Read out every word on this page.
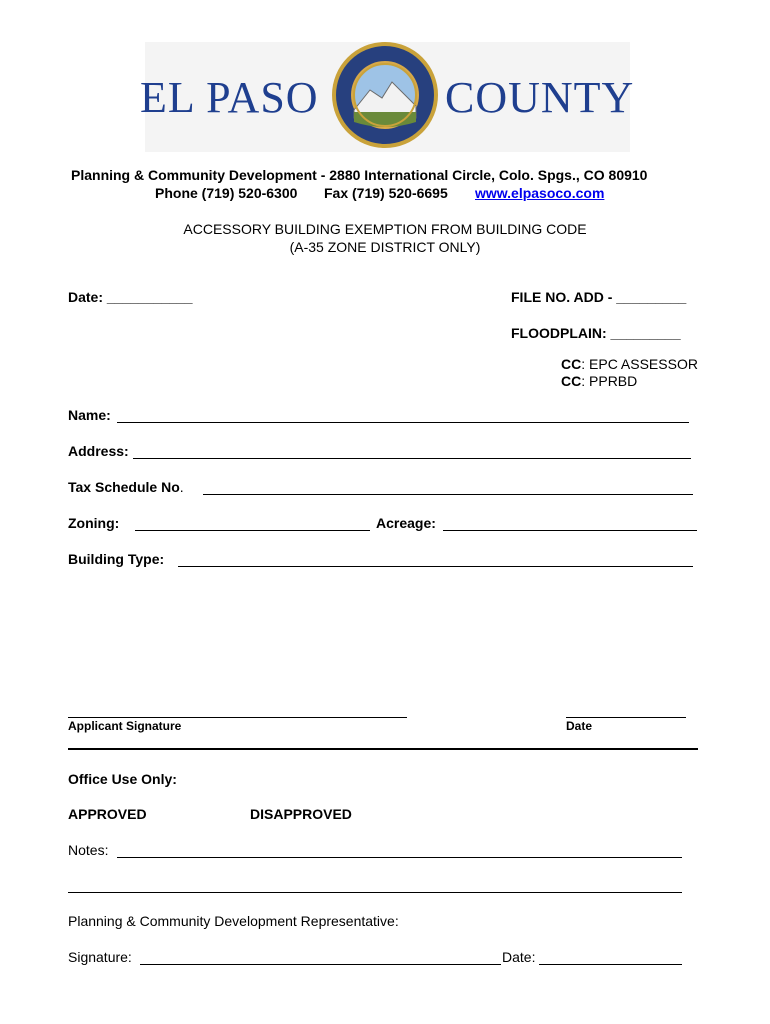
EL PASO	COUNTY
Planning & Community Development - 2880 International Circle, Colo. Spgs., CO 80910
Phone (719) 520-6300 Fax (719) 520-6695 www.elpasoco.com
ACCESSORY BUILDING EXEMPTION FROM BUILDING CODE
(A-35 ZONE DISTRICT ONLY)
Date: ___________	FILE NO. ADD - _________
FLOODPLAIN: _________
CC: EPC ASSESSOR
CC: PPRBD
Name:
Address:
Tax Schedule No.
Zoning:	Acreage:
Building Type:
Applicant Signature	Date
Office Use Only:
APPROVED	DISAPPROVED
Notes:
Planning & Community Development Representative:
Signature:	Date:
